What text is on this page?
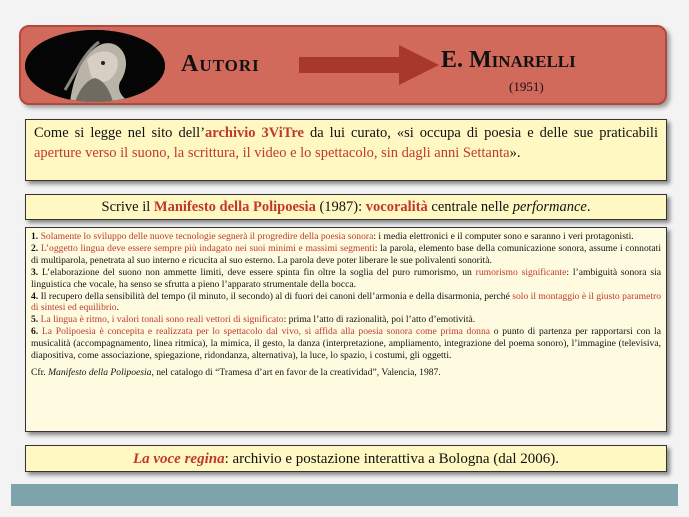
Autori	E. Minarelli
(1951)
Come si legge nel sito dell’archivio 3ViTre da lui curato, «si occupa di poesia e delle sue praticabili aperture verso il suono, la scrittura, il video e lo spettacolo, sin dagli anni Settanta».
Scrive il Manifesto della Polipoesia (1987): vocoralità centrale nelle performance.

1. Solamente lo sviluppo delle nuove tecnologie segnerà il progredire della poesia sonora: i media elettronici e il computer sono e saranno i veri protagonisti.

2. L’oggetto lingua deve essere sempre più indagato nei suoi minimi e massimi segmenti: la parola, elemento base della comunicazione sonora, assume i connotati di multiparola, penetrata al suo interno e ricucita al suo esterno. La parola deve poter liberare le sue polivalenti sonorità.

3. L’elaborazione del suono non ammette limiti, deve essere spinta fin oltre la soglia del puro rumorismo, un rumorismo significante: l’ambiguità sonora sia linguistica che vocale, ha senso se sfrutta a pieno l’apparato strumentale della bocca.

4. Il recupero della sensibilità del tempo (il minuto, il secondo) al di fuori dei canoni dell’armonia e della disarmonia, perché solo il montaggio è il giusto parametro di sintesi ed equilibrio.

5. La lingua è ritmo, i valori tonali sono reali vettori di significato: prima l’atto di razionalità, poi l’atto d’emotività.

6. La Polipoesia è concepita e realizzata per lo spettacolo dal vivo, si affida alla poesia sonora come prima donna o punto di partenza per rapportarsi con la musicalità (accompagnamento, linea ritmica), la mimica, il gesto, la danza (interpretazione, ampliamento, integrazione del poema sonoro), l’immagine (televisiva, diapositiva, come associazione, spiegazione, ridondanza, alternativa), la luce, lo spazio, i costumi, gli oggetti.

Cfr. Manifesto della Polipoesia, nel catalogo di “Tramesa d’art en favor de la creatividad”, Valencia, 1987.

La voce regina: archivio e postazione interattiva a Bologna (dal 2006).
